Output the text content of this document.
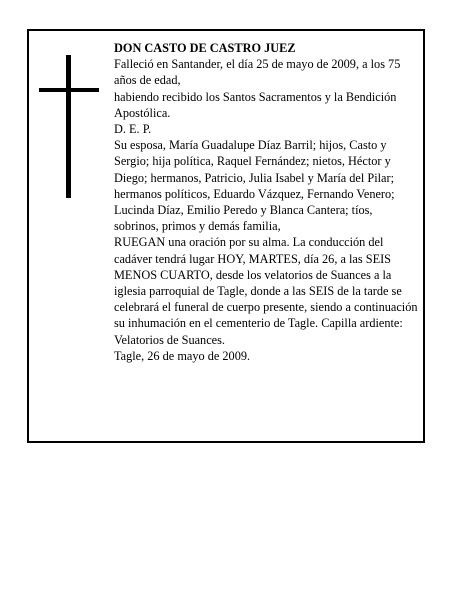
DON CASTO DE CASTRO JUEZ

Falleció en Santander, el día 25 de mayo de 2009, a los 75 años de edad,

habiendo recibido los Santos Sacramentos y la Bendición Apostólica.

D. E. P.

Su esposa, María Guadalupe Díaz Barril; hijos, Casto y Sergio; hija política, Raquel Fernández; nietos, Héctor y Diego; hermanos, Patricio, Julia Isabel y María del Pilar; hermanos políticos, Eduardo Vázquez, Fernando Venero; Lucinda Díaz, Emilio Peredo y Blanca Cantera; tíos, sobrinos, primos y demás familia,

RUEGAN una oración por su alma. La conducción del cadáver tendrá lugar HOY, MARTES, día 26, a las SEIS MENOS CUARTO, desde los velatorios de Suances a la iglesia parroquial de Tagle, donde a las SEIS de la tarde se celebrará el funeral de cuerpo presente, siendo a continuación su inhumación en el cementerio de Tagle. Capilla ardiente: Velatorios de Suances.

Tagle, 26 de mayo de 2009.
